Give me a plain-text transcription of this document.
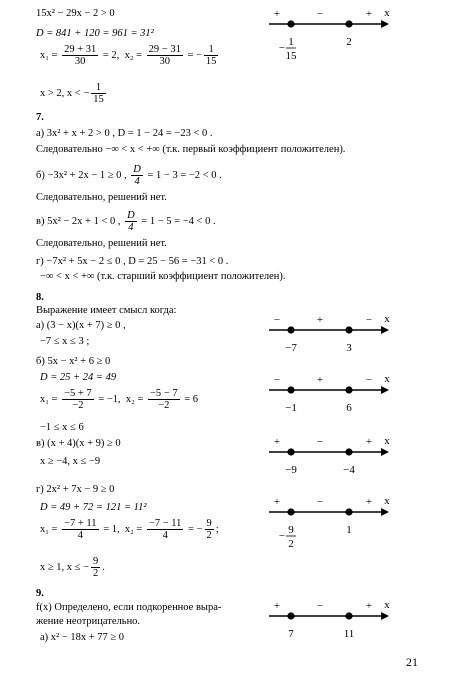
15x² − 29x − 2 > 0
D = 841 + 120 = 961 = 31²
$x_1 = \frac{29 + 31}{30} = 2$, $x_2 = \frac{29 - 31}{30}$ = − $\frac{1}{15}$
x > 2, x < − $\frac{1}{15}$
7.
а) 3x² + x + 2 > 0 , D = 1 − 24 = −23 < 0 .
Следовательно −∞ < x < +∞ (т.к. первый коэффициент положителен).
б) −3x² + 2x − 1 ≥ 0 , $\frac{D}{4} = 1 - 3 = -2 < 0$ .
Следовательно, решений нет.
в) 5x² − 2x + 1 < 0 , $\frac{D}{4} = 1 - 5 = -4 < 0$ .
Следовательно, решений нет.
г) −7x² + 5x − 2 ≤ 0 , D = 25 − 56 = −31 < 0 .
−∞ < x < +∞ (т.к. старший коэффициент положителен).
8.
Выражение имеет смысл когда:
а) (3 − x)(x + 7) ≥ 0 ,
−7 ≤ x ≤ 3 ;
б) 5x − x² + 6 ≥ 0
D = 25 + 24 = 49
$x_1 = \frac{-5 + 7}{-2} = -1$, $x_2 = \frac{-5 - 7}{-2} = 6$
−1 ≤ x ≤ 6
в) (x + 4)(x + 9) ≥ 0
x ≥ −4, x ≤ −9
г) 2x² + 7x − 9 ≥ 0
D = 49 + 72 = 121 = 11²
$x_1 = \frac{-7 + 11}{4} = 1$, $x_2 = \frac{-7 - 11}{4}$ = − $\frac{9}{2}$ ;
x ≥ 1, x ≤ − $\frac{9}{2}$ .
9.
f(x) Определено, если подкоренное выра-
жение неотрицательно.
а) x² − 18x + 77 ≥ 0
x
+	−	+
− 1
15
2
x
−	+	−
−7	3
x
−	+	−
−1	6
x
+	−	+
−9	−4
x
+	−	+
− 9
2
1
x
+	−	+
7	11
21
